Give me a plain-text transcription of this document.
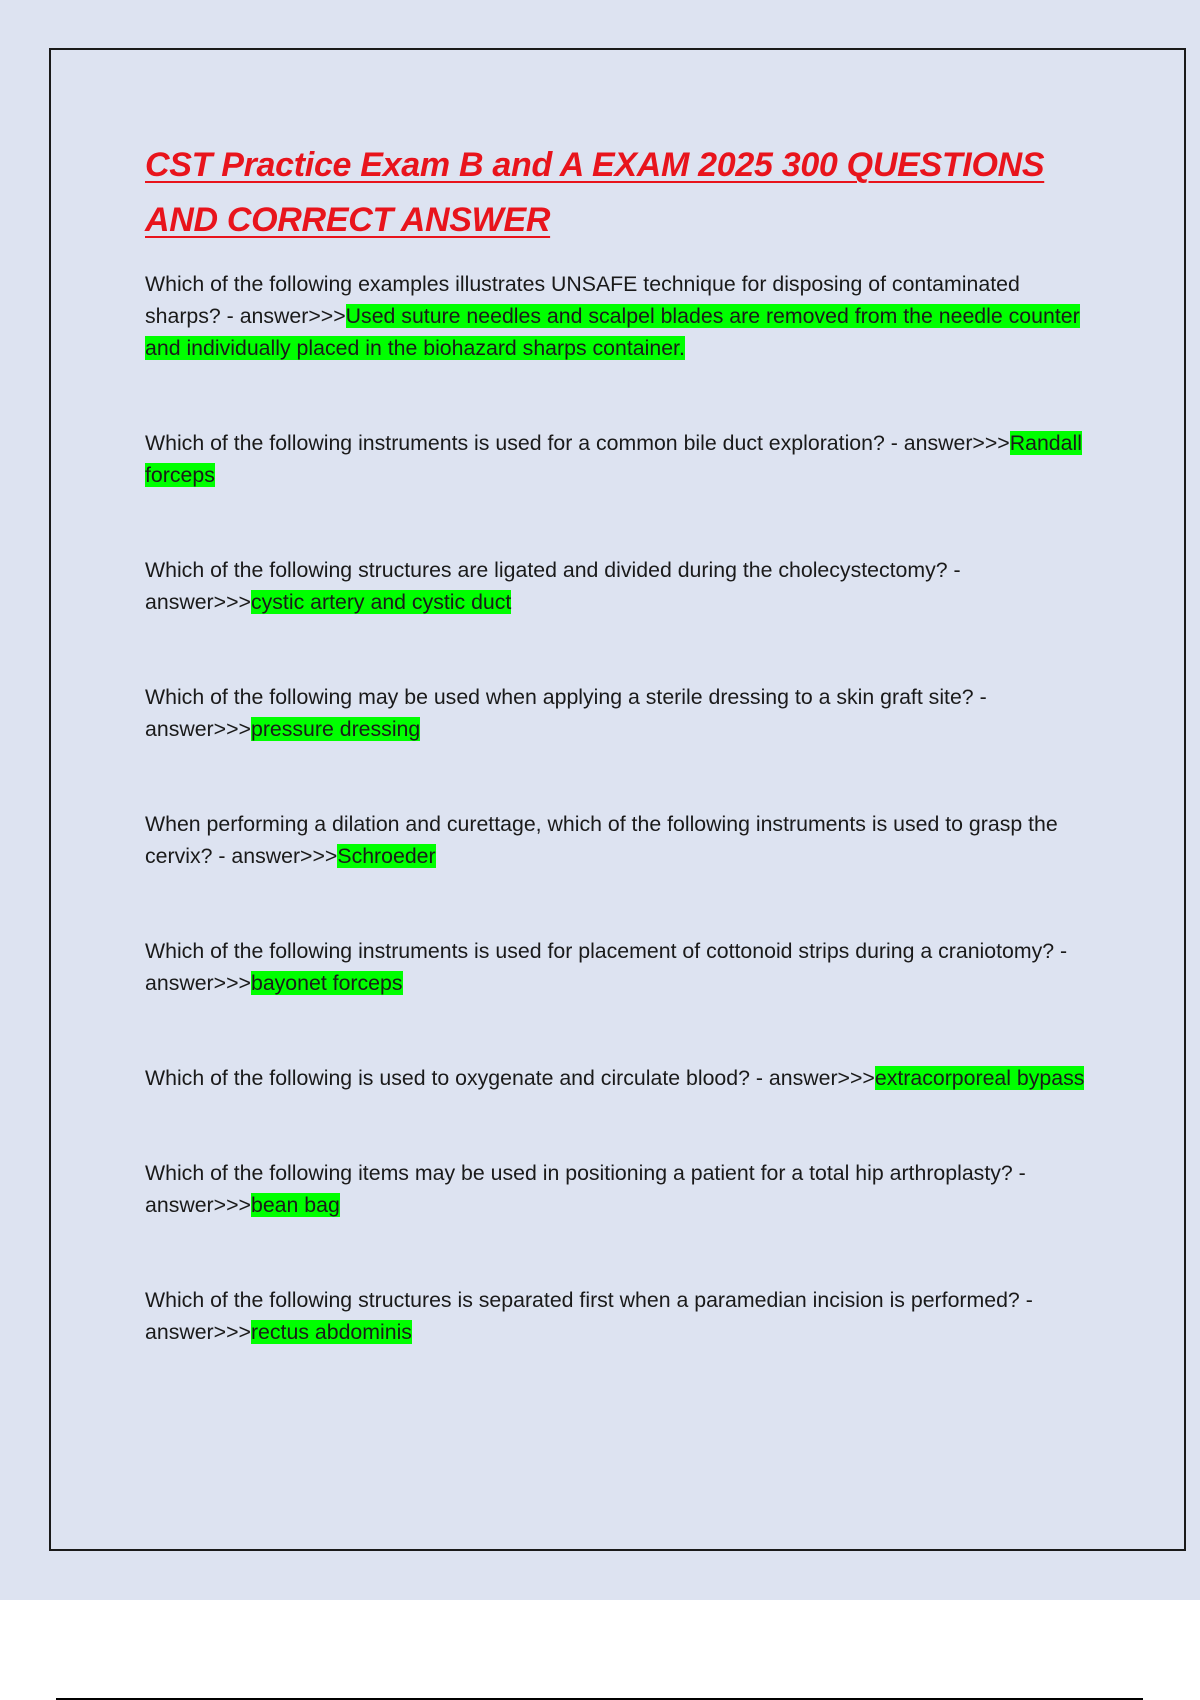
CST Practice Exam B and A EXAM 2025 300 QUESTIONS AND CORRECT ANSWER

Which of the following examples illustrates UNSAFE technique for disposing of contaminated sharps? - answer>>>Used suture needles and scalpel blades are removed from the needle counter and individually placed in the biohazard sharps container.

Which of the following instruments is used for a common bile duct exploration? - answer>>>Randall forceps

Which of the following structures are ligated and divided during the cholecystectomy? - answer>>>cystic artery and cystic duct

Which of the following may be used when applying a sterile dressing to a skin graft site? - answer>>>pressure dressing

When performing a dilation and curettage, which of the following instruments is used to grasp the cervix? - answer>>>Schroeder

Which of the following instruments is used for placement of cottonoid strips during a craniotomy? - answer>>>bayonet forceps

Which of the following is used to oxygenate and circulate blood? - answer>>>extracorporeal bypass

Which of the following items may be used in positioning a patient for a total hip arthroplasty? - answer>>>bean bag

Which of the following structures is separated first when a paramedian incision is performed? - answer>>>rectus abdominis
